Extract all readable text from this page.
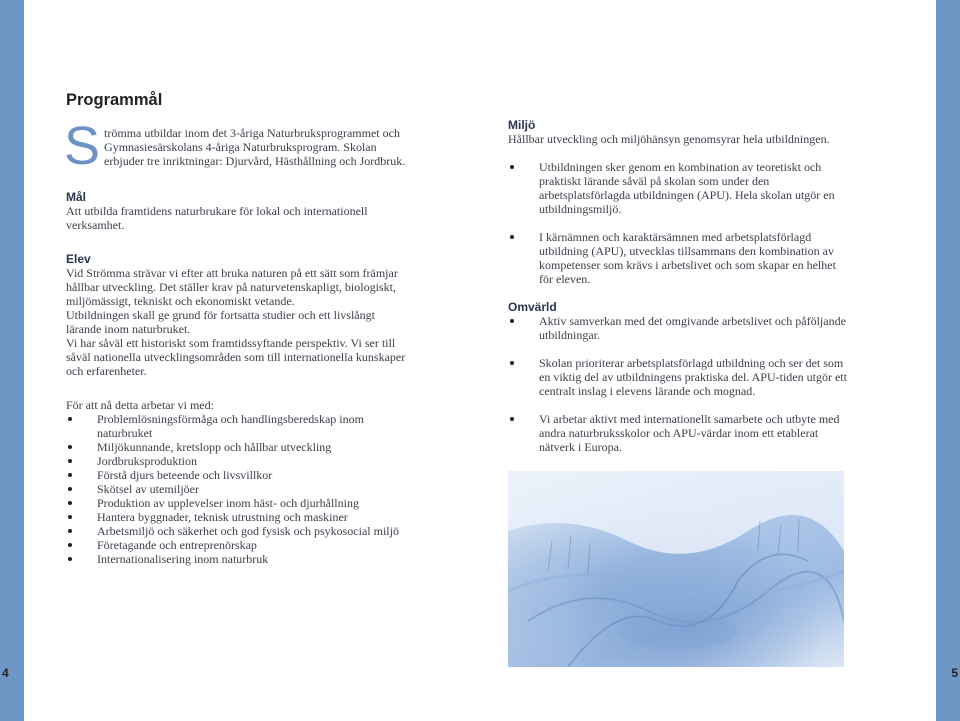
4	5
Programmål
S trömma utbildar inom det 3-åriga Naturbruksprogrammet och Gymnasiesärskolans 4-åriga Naturbruksprogram. Skolan erbjuder tre inriktningar: Djurvård, Hästhållning och Jordbruk.

Mål

Att utbilda framtidens naturbrukare för lokal och internationell verksamhet.

Elev

Vid Strömma strävar vi efter att bruka naturen på ett sätt som främjar hållbar utveckling. Det ställer krav på naturvetenskapligt, biologiskt, miljömässigt, tekniskt och ekonomiskt vetande.

Utbildningen skall ge grund för fortsatta studier och ett livslångt lärande inom naturbruket.

Vi har såväl ett historiskt som framtidssyftande perspektiv. Vi ser till såväl nationella utvecklingsområden som till internationella kunskaper och erfarenheter.

För att nå detta arbetar vi med:

Problemlösningsförmåga och handlingsberedskap inom naturbruket
Miljökunnande, kretslopp och hållbar utveckling
Jordbruksproduktion
Förstå djurs beteende och livsvillkor
Skötsel av utemiljöer
Produktion av upplevelser inom häst- och djurhållning
Hantera byggnader, teknisk utrustning och maskiner
Arbetsmiljö och säkerhet och god fysisk och psykosocial miljö
Företagande och entreprenörskap
Internationalisering inom naturbruk
Miljö

Hållbar utveckling och miljöhänsyn genomsyrar hela utbildningen.

Utbildningen sker genom en kombination av teoretiskt och praktiskt lärande såväl på skolan som under den arbetsplatsförlagda utbildningen (APU). Hela skolan utgör en utbildningsmiljö.
I kärnämnen och karaktärsämnen med arbetsplatsförlagd utbildning (APU), utvecklas tillsammans den kombination av kompetenser som krävs i arbetslivet och som skapar en helhet för eleven.
Omvärld
Aktiv samverkan med det omgivande arbetslivet och påföljande utbildningar.
Skolan prioriterar arbetsplatsförlagd utbildning och ser det som en viktig del av utbildningens praktiska del. APU-tiden utgör ett centralt inslag i elevens lärande och mognad.
Vi arbetar aktivt med internationellt samarbete och utbyte med andra naturbruksskolor och APU-värdar inom ett etablerat nätverk i Europa.
